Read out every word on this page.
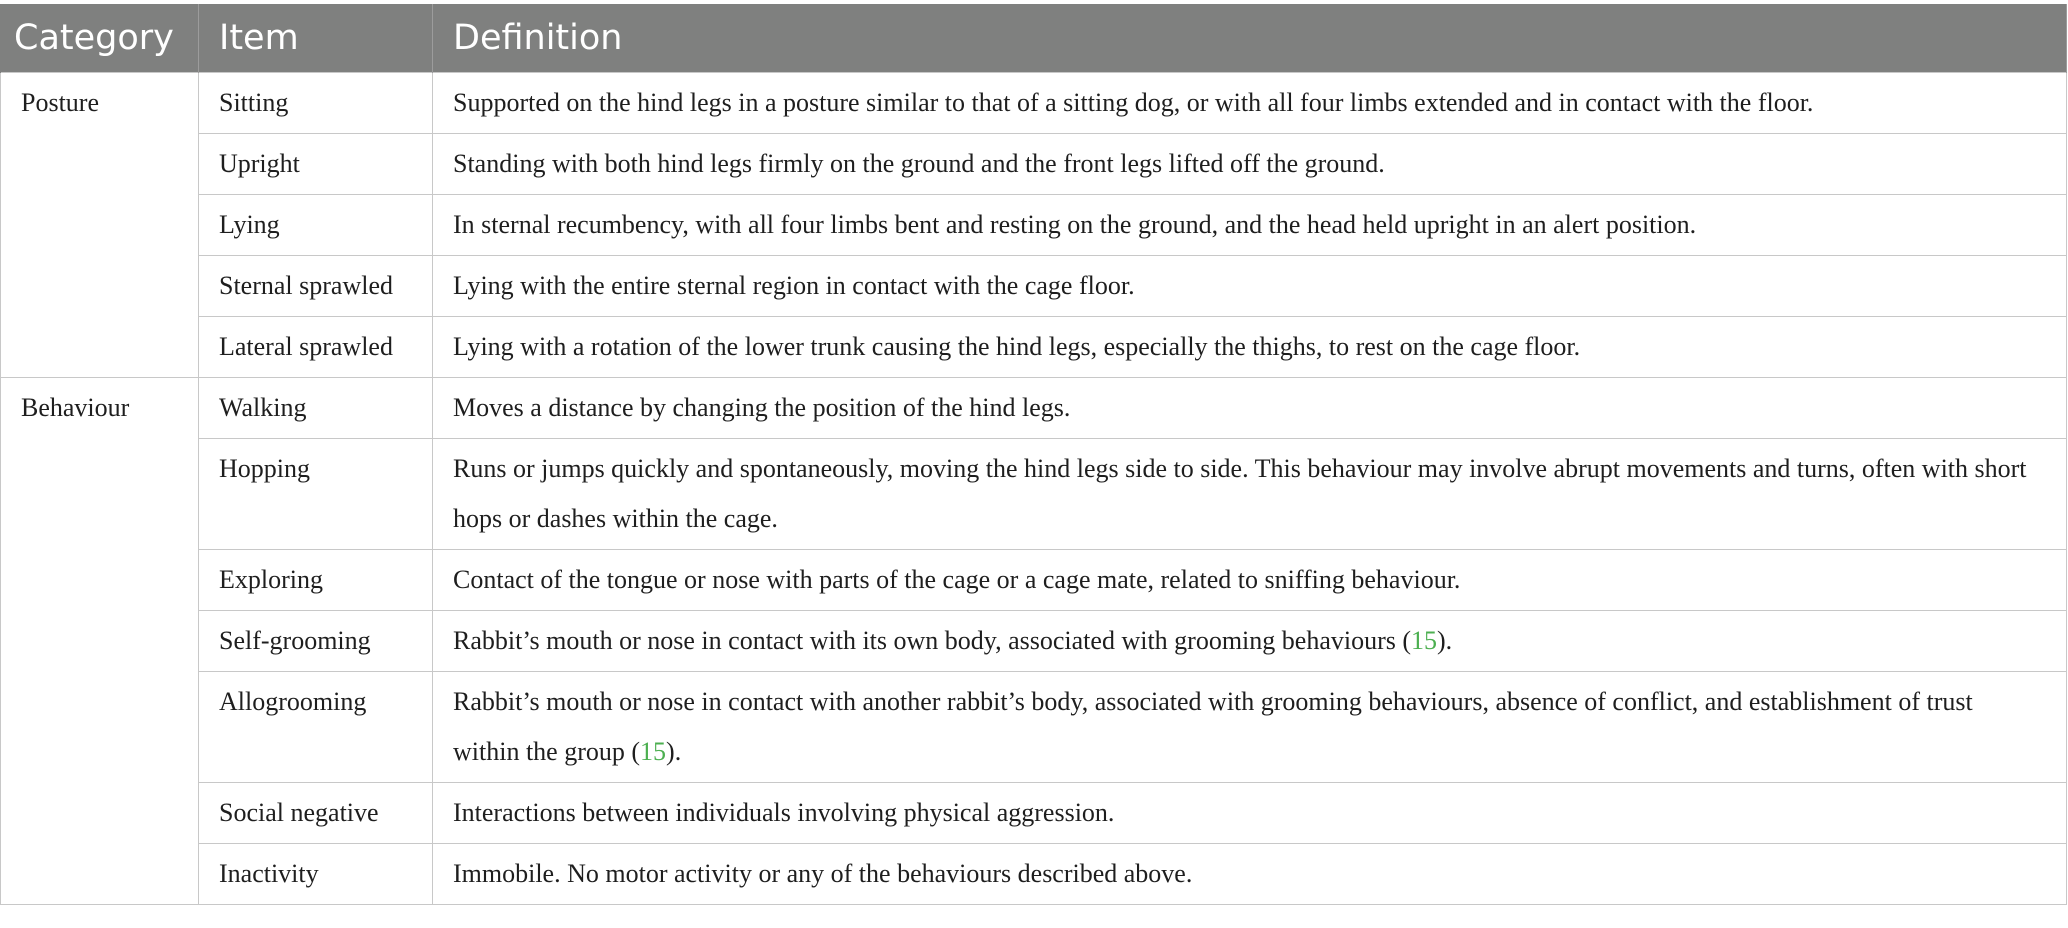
Category	Item	Definition
Posture	Sitting	Supported on the hind legs in a posture similar to that of a sitting dog, or with all four limbs extended and in contact with the floor.

	Upright	Standing with both hind legs firmly on the ground and the front legs lifted off the ground.

	Lying	In sternal recumbency, with all four limbs bent and resting on the ground, and the head held upright in an alert position.

	Sternal sprawled	Lying with the entire sternal region in contact with the cage floor.

	Lateral sprawled	Lying with a rotation of the lower trunk causing the hind legs, especially the thighs, to rest on the cage floor.

Behaviour	Walking	Moves a distance by changing the position of the hind legs.

	Hopping	Runs or jumps quickly and spontaneously, moving the hind legs side to side. This behaviour may involve abrupt movements and turns, often with short hops or dashes within the cage.

	Exploring	Contact of the tongue or nose with parts of the cage or a cage mate, related to sniffing behaviour.

	Self-grooming	Rabbit’s mouth or nose in contact with its own body, associated with grooming behaviours (15).

	Allogrooming	Rabbit’s mouth or nose in contact with another rabbit’s body, associated with grooming behaviours, absence of conflict, and establishment of trust within the group (15).

	Social negative	Interactions between individuals involving physical aggression.

	Inactivity	Immobile. No motor activity or any of the behaviours described above.
